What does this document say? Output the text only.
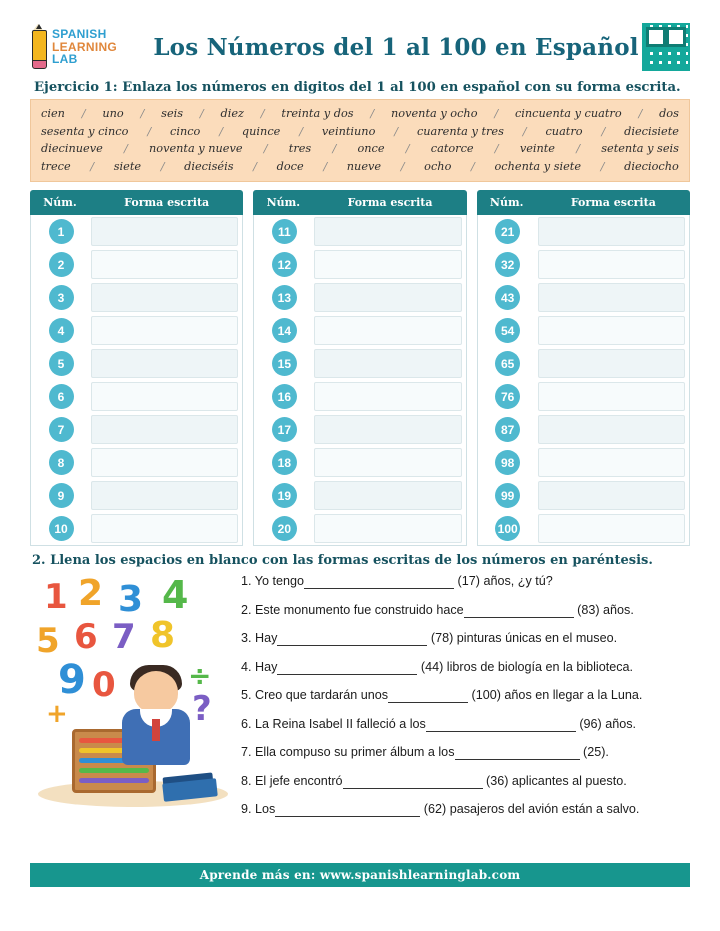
SPANISH
LEARNING
LAB	Los Números del 1 al 100 en Español
Ejercicio 1: Enlaza los números en digitos del 1 al 100 en español con su forma escrita.
cien / uno / seis / diez / treinta y dos / noventa y ocho / cincuenta y cuatro / dos
sesenta y cinco / cinco / quince / veintiuno / cuarenta y tres / cuatro / diecisiete
diecinueve / noventa y nueve / tres / once / catorce / veinte / setenta y seis
trece / siete / dieciséis / doce / nueve / ocho / ochenta y siete / dieciocho
Núm.	Forma escrita
1
2
3
4
5
6
7
8
9
10
Núm.	Forma escrita
11
12
13
14
15
16
17
18
19
20
Núm.	Forma escrita
21
32
43
54
65
76
87
98
99
100
2. Llena los espacios en blanco con las formas escritas de los números en paréntesis.
1 2 3 4
5 6 7 8
9 0	÷
?
+
1. Yo tengo	(17) años, ¿y tú?
2. Este monumento fue construido hace	(83) años.
3. Hay	(78) pinturas únicas en el museo.
4. Hay	(44) libros de biología en la biblioteca.
5. Creo que tardarán unos	(100) años en llegar a la Luna.
6. La Reina Isabel II falleció a los	(96) años.
7. Ella compuso su primer álbum a los	(25).
8. El jefe encontró	(36) aplicantes al puesto.
9. Los	(62) pasajeros del avión están a salvo.
Aprende más en: www.spanishlearninglab.com
